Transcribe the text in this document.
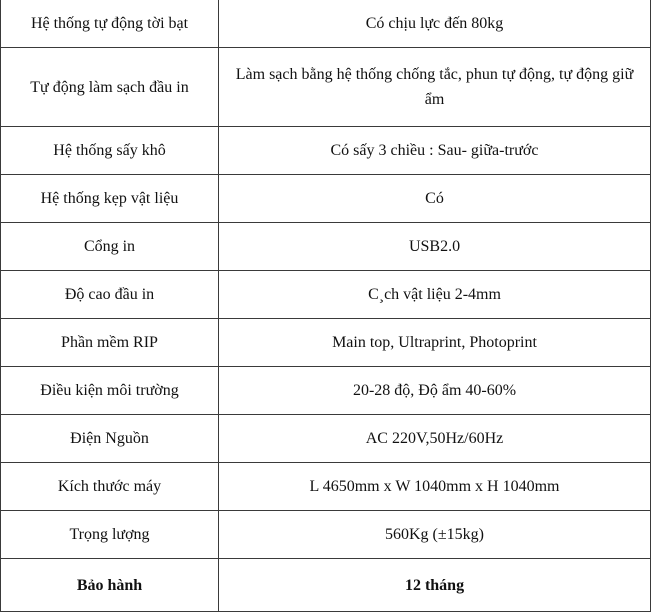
Hệ thống tự động tời bạt	Có chịu lực đến 80kg
Tự động làm sạch đầu in	Làm sạch bằng hệ thống chống tắc, phun tự động, tự động giữ ẩm
Hệ thống sấy khô	Có sấy 3 chiều : Sau- giữa-trước
Hệ thống kẹp vật liệu	Có
Cổng in	USB2.0
Độ cao đầu in	C¸ch vật liệu 2-4mm
Phần mềm RIP	Main top, Ultraprint, Photoprint
Điều kiện môi trường	20-28 độ, Độ ẩm 40-60%
Điện Nguồn	AC 220V,50Hz/60Hz
Kích thước máy	L 4650mm x W 1040mm x H 1040mm
Trọng lượng	560Kg (±15kg)
Bảo hành	12 tháng
